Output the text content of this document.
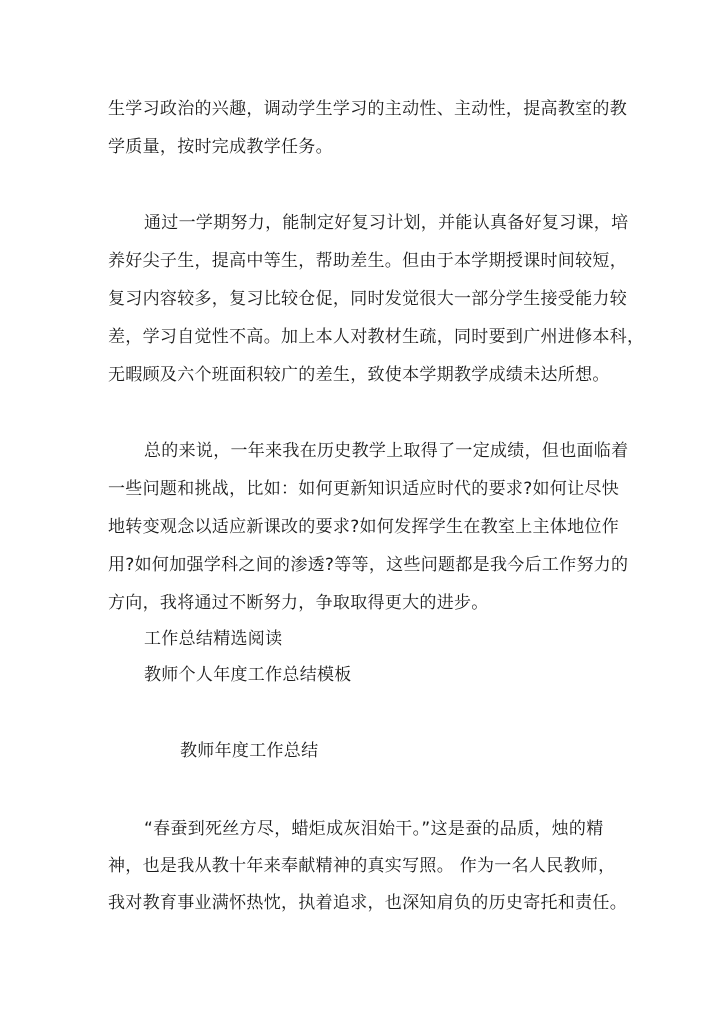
生学习政治的兴趣，调动学生学习的主动性、主动性，提高教室的教
学质量，按时完成教学任务。
通过一学期努力，能制定好复习计划，并能认真备好复习课，培
养好尖子生，提高中等生，帮助差生。但由于本学期授课时间较短，
复习内容较多，复习比较仓促，同时发觉很大一部分学生接受能力较
差，学习自觉性不高。加上本人对教材生疏，同时要到广州进修本科，
无暇顾及六个班面积较广的差生，致使本学期教学成绩未达所想。
总的来说，一年来我在历史教学上取得了一定成绩，但也面临着
一些问题和挑战，比如：如何更新知识适应时代的要求?如何让尽快
地转变观念以适应新课改的要求?如何发挥学生在教室上主体地位作
用?如何加强学科之间的渗透?等等，这些问题都是我今后工作努力的
方向，我将通过不断努力，争取取得更大的进步。
工作总结精选阅读
教师个人年度工作总结模板
教师年度工作总结
“春蚕到死丝方尽，蜡炬成灰泪始干。”这是蚕的品质，烛的精
神，也是我从教十年来奉献精神的真实写照。 作为一名人民教师，
我对教育事业满怀热忱，执着追求，也深知肩负的历史寄托和责任。
